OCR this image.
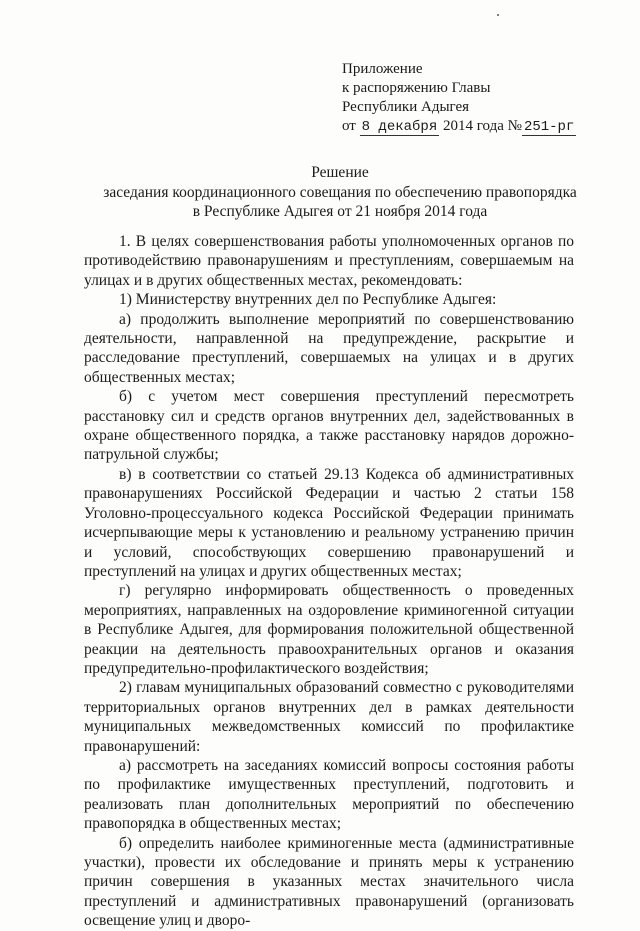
Приложение
к распоряжению Главы
Республики Адыгея
от 8 декабря 2014 года № 251-рг
Решение
заседания координационного совещания по обеспечению правопорядка
в Республике Адыгея от 21 ноября 2014 года

1. В целях совершенствования работы уполномоченных органов по противодействию правонарушениям и преступлениям, совершаемым на улицах и в других общественных местах, рекомендовать:

1) Министерству внутренних дел по Республике Адыгея:

а) продолжить выполнение мероприятий по совершенствованию деятельности, направленной на предупреждение, раскрытие и расследование преступлений, совершаемых на улицах и в других общественных местах;

б) с учетом мест совершения преступлений пересмотреть расстановку сил и средств органов внутренних дел, задействованных в охране общественного порядка, а также расстановку нарядов дорожно-патрульной службы;

в) в соответствии со статьей 29.13 Кодекса об административных правонарушениях Российской Федерации и частью 2 статьи 158 Уголовно-процессуального кодекса Российской Федерации принимать исчерпывающие меры к установлению и реальному устранению причин и условий, способствующих совершению правонарушений и преступлений на улицах и других общественных местах;

г) регулярно информировать общественность о проведенных мероприятиях, направленных на оздоровление криминогенной ситуации в Республике Адыгея, для формирования положительной общественной реакции на деятельность правоохранительных органов и оказания предупредительно-профилактического воздействия;

2) главам муниципальных образований совместно с руководителями территориальных органов внутренних дел в рамках деятельности муниципальных межведомственных комиссий по профилактике правонарушений:

а) рассмотреть на заседаниях комиссий вопросы состояния работы по профилактике имущественных преступлений, подготовить и реализовать план дополнительных мероприятий по обеспечению правопорядка в общественных местах;

б) определить наиболее криминогенные места (административные участки), провести их обследование и принять меры к устранению причин совершения в указанных местах значительного числа преступлений и административных правонарушений (организовать освещение улиц и дворо-
